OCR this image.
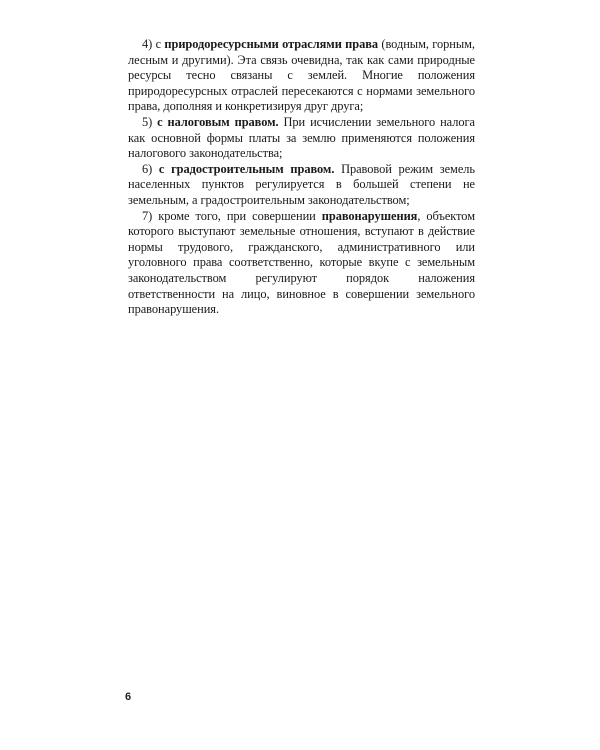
4) с природоресурсными отраслями права (водным, горным, лесным и другими). Эта связь очевидна, так как сами природные ресурсы тесно связаны с землей. Многие положения природоресурсных отраслей пересекаются с нормами земельного права, дополняя и конкретизируя друг друга;

5) с налоговым правом. При исчислении земельного налога как основной формы платы за землю применяются положения налогового законодательства;

6) с градостроительным правом. Правовой режим земель населенных пунктов регулируется в большей степени не земельным, а градостроительным законодательством;

7) кроме того, при совершении правонарушения, объектом которого выступают земельные отношения, вступают в действие нормы трудового, гражданского, административного или уголовного права соответственно, которые вкупе с земельным законодательством регулируют порядок наложения ответственности на лицо, виновное в совершении земельного правонарушения.

6
